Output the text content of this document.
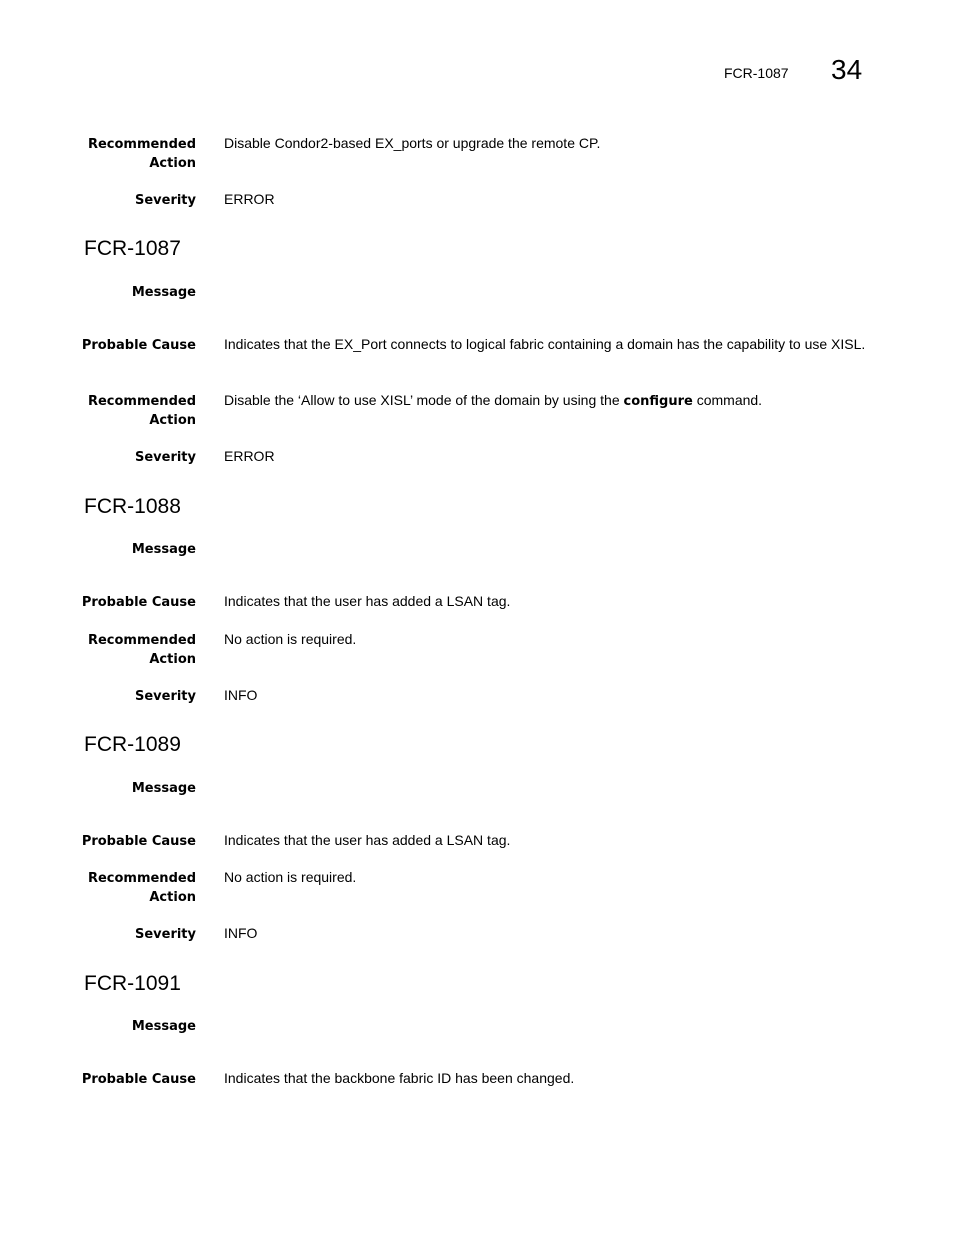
FCR-1087 34
Recommended
Action
Disable Condor2-based EX_ports or upgrade the remote CP.
Severity ERROR
FCR-1087
Message
Probable Cause Indicates that the EX_Port connects to logical fabric containing a domain has the capability to use XISL.
Recommended
Action
Disable the ‘Allow to use XISL’ mode of the domain by using the configure command.
Severity ERROR
FCR-1088
Message
Probable Cause Indicates that the user has added a LSAN tag.
Recommended
Action
No action is required.
Severity INFO
FCR-1089
Message
Probable Cause Indicates that the user has added a LSAN tag.
Recommended
Action
No action is required.
Severity INFO
FCR-1091
Message
Probable Cause Indicates that the backbone fabric ID has been changed.
